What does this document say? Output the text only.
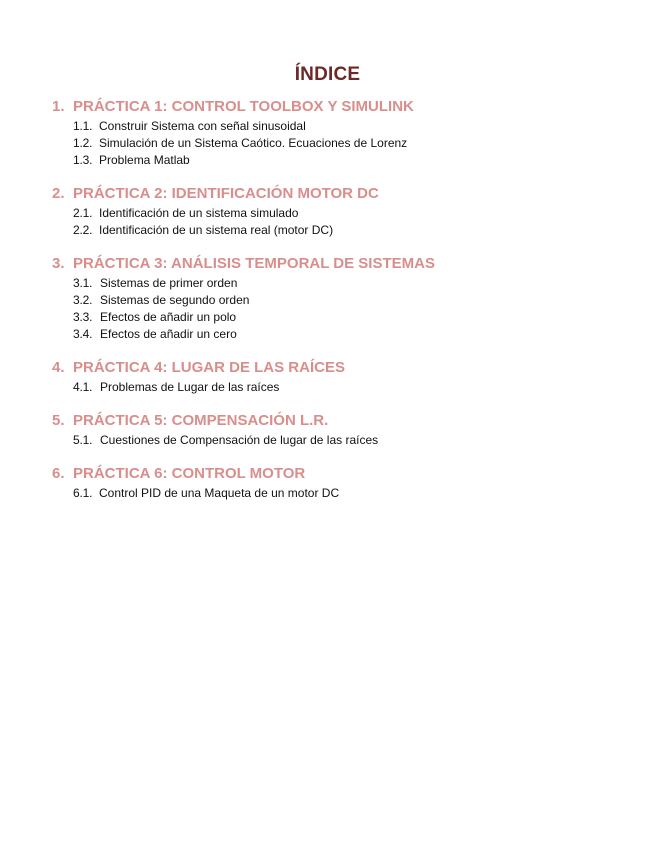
ÍNDICE
1. PRÁCTICA 1: CONTROL TOOLBOX Y SIMULINK
1.1. Construir Sistema con señal sinusoidal
1.2. Simulación de un Sistema Caótico. Ecuaciones de Lorenz
1.3. Problema Matlab
2. PRÁCTICA 2: IDENTIFICACIÓN MOTOR DC
2.1. Identificación de un sistema simulado
2.2. Identificación de un sistema real (motor DC)
3. PRÁCTICA 3: ANÁLISIS TEMPORAL DE SISTEMAS
3.1. Sistemas de primer orden
3.2. Sistemas de segundo orden
3.3. Efectos de añadir un polo
3.4. Efectos de añadir un cero
4. PRÁCTICA 4: LUGAR DE LAS RAÍCES
4.1. Problemas de Lugar de las raíces
5. PRÁCTICA 5: COMPENSACIÓN L.R.
5.1. Cuestiones de Compensación de lugar de las raíces
6. PRÁCTICA 6: CONTROL MOTOR
6.1. Control PID de una Maqueta de un motor DC
